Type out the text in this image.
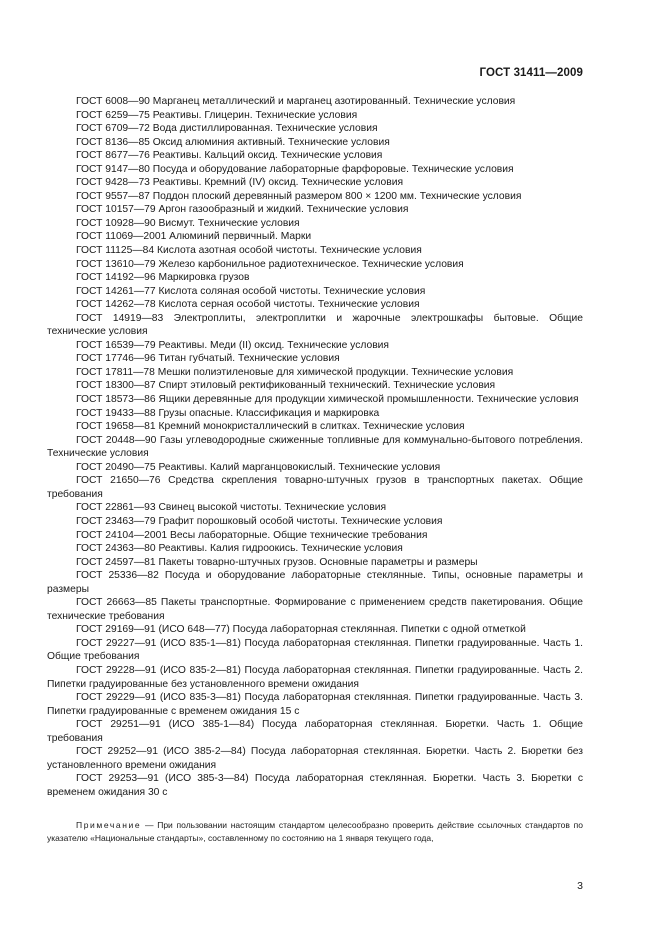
ГОСТ 31411—2009

ГОСТ 6008—90 Марганец металлический и марганец азотированный. Технические условия

ГОСТ 6259—75 Реактивы. Глицерин. Технические условия

ГОСТ 6709—72 Вода дистиллированная. Технические условия

ГОСТ 8136—85 Оксид алюминия активный. Технические условия

ГОСТ 8677—76 Реактивы. Кальций оксид. Технические условия

ГОСТ 9147—80 Посуда и оборудование лабораторные фарфоровые. Технические условия

ГОСТ 9428—73 Реактивы. Кремний (IV) оксид. Технические условия

ГОСТ 9557—87 Поддон плоский деревянный размером 800 × 1200 мм. Технические условия

ГОСТ 10157—79 Аргон газообразный и жидкий. Технические условия

ГОСТ 10928—90 Висмут. Технические условия

ГОСТ 11069—2001 Алюминий первичный. Марки

ГОСТ 11125—84 Кислота азотная особой чистоты. Технические условия

ГОСТ 13610—79 Железо карбонильное радиотехническое. Технические условия

ГОСТ 14192—96 Маркировка грузов

ГОСТ 14261—77 Кислота соляная особой чистоты. Технические условия

ГОСТ 14262—78 Кислота серная особой чистоты. Технические условия

ГОСТ 14919—83 Электроплиты, электроплитки и жарочные электрошкафы бытовые. Общие технические условия

ГОСТ 16539—79 Реактивы. Меди (II) оксид. Технические условия

ГОСТ 17746—96 Титан губчатый. Технические условия

ГОСТ 17811—78 Мешки полиэтиленовые для химической продукции. Технические условия

ГОСТ 18300—87 Спирт этиловый ректификованный технический. Технические условия

ГОСТ 18573—86 Ящики деревянные для продукции химической промышленности. Технические условия

ГОСТ 19433—88 Грузы опасные. Классификация и маркировка

ГОСТ 19658—81 Кремний монокристаллический в слитках. Технические условия

ГОСТ 20448—90 Газы углеводородные сжиженные топливные для коммунально-бытового потребления. Технические условия

ГОСТ 20490—75 Реактивы. Калий марганцовокислый. Технические условия

ГОСТ 21650—76 Средства скрепления товарно-штучных грузов в транспортных пакетах. Общие требования

ГОСТ 22861—93 Свинец высокой чистоты. Технические условия

ГОСТ 23463—79 Графит порошковый особой чистоты. Технические условия

ГОСТ 24104—2001 Весы лабораторные. Общие технические требования

ГОСТ 24363—80 Реактивы. Калия гидроокись. Технические условия

ГОСТ 24597—81 Пакеты товарно-штучных грузов. Основные параметры и размеры

ГОСТ 25336—82 Посуда и оборудование лабораторные стеклянные. Типы, основные параметры и размеры

ГОСТ 26663—85 Пакеты транспортные. Формирование с применением средств пакетирования. Общие технические требования

ГОСТ 29169—91 (ИСО 648—77) Посуда лабораторная стеклянная. Пипетки с одной отметкой

ГОСТ 29227—91 (ИСО 835-1—81) Посуда лабораторная стеклянная. Пипетки градуированные. Часть 1. Общие требования

ГОСТ 29228—91 (ИСО 835-2—81) Посуда лабораторная стеклянная. Пипетки градуированные. Часть 2. Пипетки градуированные без установленного времени ожидания

ГОСТ 29229—91 (ИСО 835-3—81) Посуда лабораторная стеклянная. Пипетки градуированные. Часть 3. Пипетки градуированные с временем ожидания 15 с

ГОСТ 29251—91 (ИСО 385-1—84) Посуда лабораторная стеклянная. Бюретки. Часть 1. Общие требования

ГОСТ 29252—91 (ИСО 385-2—84) Посуда лабораторная стеклянная. Бюретки. Часть 2. Бюретки без установленного времени ожидания

ГОСТ 29253—91 (ИСО 385-3—84) Посуда лабораторная стеклянная. Бюретки. Часть 3. Бюретки с временем ожидания 30 с

Примечание — При пользовании настоящим стандартом целесообразно проверить действие ссылочных стандартов по указателю «Национальные стандарты», составленному по состоянию на 1 января текущего года,
3
